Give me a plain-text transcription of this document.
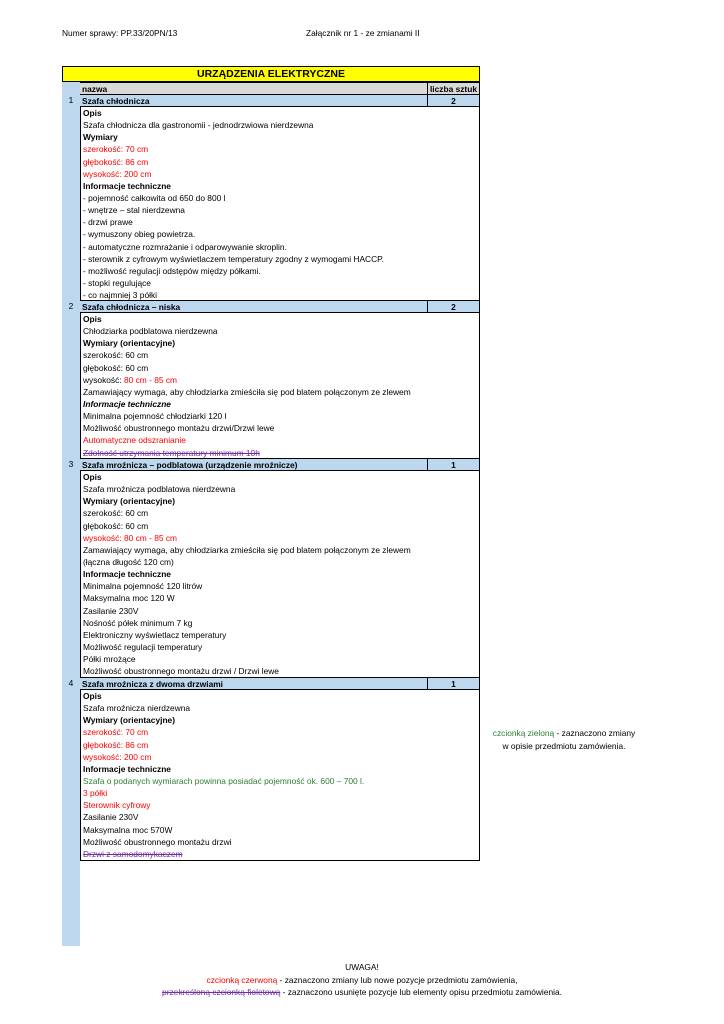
Numer sprawy: PP.33/20PN/13	Załącznik nr 1 - ze zmianami II
URZĄDZENIA ELEKTRYCZNE
nazwa	liczba sztuk
1	Szafa chłodnicza	2
Opis
Szafa chłodnicza dla gastronomii - jednodrzwiowa nierdzewna
Wymiary
szerokość: 70 cm
głębokość: 86 cm
wysokość: 200 cm
Informacje techniczne
- pojemność całkowita od 650 do 800 l
- wnętrze – stal nierdzewna
- drzwi prawe
- wymuszony obieg powietrza.
- automatyczne rozmrażanie i odparowywanie skroplin.
- sterownik z cyfrowym wyświetlaczem temperatury zgodny z wymogami HACCP.
- możliwość regulacji odstępów między półkami.
- stopki regulujące
- co najmniej 3 półki
2	Szafa chłodnicza – niska	2
Opis
Chłodziarka podblatowa nierdzewna
Wymiary (orientacyjne)
szerokość: 60 cm
głębokość: 60 cm
wysokość: 80 cm - 85 cm
Zamawiający wymaga, aby chłodziarka zmieściła się pod blatem połączonym ze zlewem
Informacje techniczne
Minimalna pojemność chłodziarki 120 l
Możliwość obustronnego montażu drzwi/Drzwi lewe
Automatyczne odszranianie
Zdolność utrzymania temperatury minimum 10h
3	Szafa mroźnicza – podblatowa (urządzenie mroźnicze)	1
Opis
Szafa mroźnicza podblatowa nierdzewna
Wymiary (orientacyjne)
szerokość: 60 cm
głębokość: 60 cm
wysokość: 80 cm - 85 cm
Zamawiający wymaga, aby chłodziarka zmieściła się pod blatem połączonym ze zlewem
(łączna długość 120 cm)
Informacje techniczne
Minimalna pojemność 120 litrów
Maksymalna moc 120 W
Zasilanie 230V
Nośność półek minimum 7 kg
Elektroniczny wyświetlacz temperatury
Możliwość regulacji temperatury
Półki mrożące
Możliwość obustronnego montażu drzwi / Drzwi lewe
4	Szafa mroźnicza z dwoma drzwiami	1
Opis
Szafa mroźnicza nierdzewna
Wymiary (orientacyjne)
szerokość: 70 cm
głębokość: 86 cm
wysokość: 200 cm
Informacje techniczne
Szafa o podanych wymiarach powinna posiadać pojemność ok. 600 – 700 l.
3 półki
Sterownik cyfrowy
Zasilanie 230V
Maksymalna moc 570W
Możliwość obustronnego montażu drzwi
Drzwi z samodomykaczem
czcionką zieloną - zaznaczono zmiany
w opisie przedmiotu zamówienia.
UWAGA!
czcionką czerwoną - zaznaczono zmiany lub nowe pozycje przedmiotu zamówienia,
przekreśloną czcionką fioletową - zaznaczono usunięte pozycje lub elementy opisu przedmiotu zamówienia.
